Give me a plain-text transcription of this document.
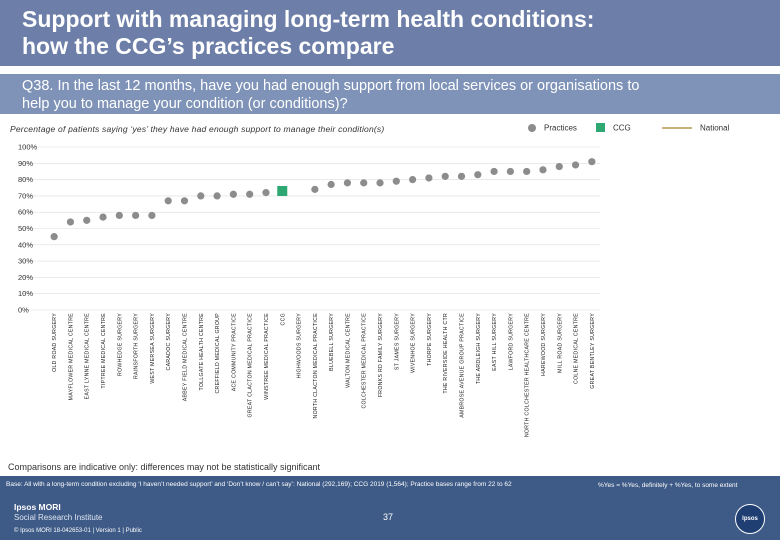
Support with managing long-term health conditions:
how the CCG’s practices compare
Q38. In the last 12 months, have you had enough support from local services or organisations to
help you to manage your condition (or conditions)?
Percentage of patients saying ‘yes’ they have had enough support to manage their condition(s)	Practices	CCG	National
0%
10%
20%
30%
40%
50%
60%
70%
80%
90%
100%
OLD ROAD SURGERY MAYFLOWER MEDICAL CENTRE EAST LYNNE MEDICAL CENTRE TIPTREE MEDICAL CENTRE ROWHEDGE SURGERY RAINSFORTH SURGERY WEST MERSEA SURGERY CARADOC SURGERY ABBEY FIELD MEDICAL CENTRE TOLLGATE HEALTH CENTRE CREFFIELD MEDICAL GROUP ACE COMMUNITY PRACTICE GREAT CLACTON MEDICAL PRACTICE WINSTREE MEDICAL PRACTICE CCG HIGHWOODS SURGERY NORTH CLACTON MEDICAL PRACTICE BLUEBELL SURGERY WALTON MEDICAL CENTRE COLCHESTER MEDICAL PRACTICE FRONKS RD FAMILY SURGERY ST JAMES SURGERY WIVENHOE SURGERY THORPE SURGERY THE RIVERSIDE HEALTH CTR AMBROSE AVENUE GROUP PRACTICE THE ARDLEIGH SURGERY EAST HILL SURGERY LAWFORD SURGERY NORTH COLCHESTER HEALTHCARE CENTRE HAREWOOD SURGERY MILL ROAD SURGERY COLNE MEDICAL CENTRE GREAT BENTLEY SURGERY
Comparisons are indicative only: differences may not be statistically significant
Base: All with a long-term condition excluding ‘I haven’t needed support’ and ‘Don’t know / can’t say’: National (292,169); CCG 2019 (1,564); Practice bases range from 22 to 62	%Yes = %Yes, definitely + %Yes, to some extent
Ipsos MORI
Social Research Institute
© Ipsos MORI 18-042653-01 | Version 1 | Public
37	Ipsos
